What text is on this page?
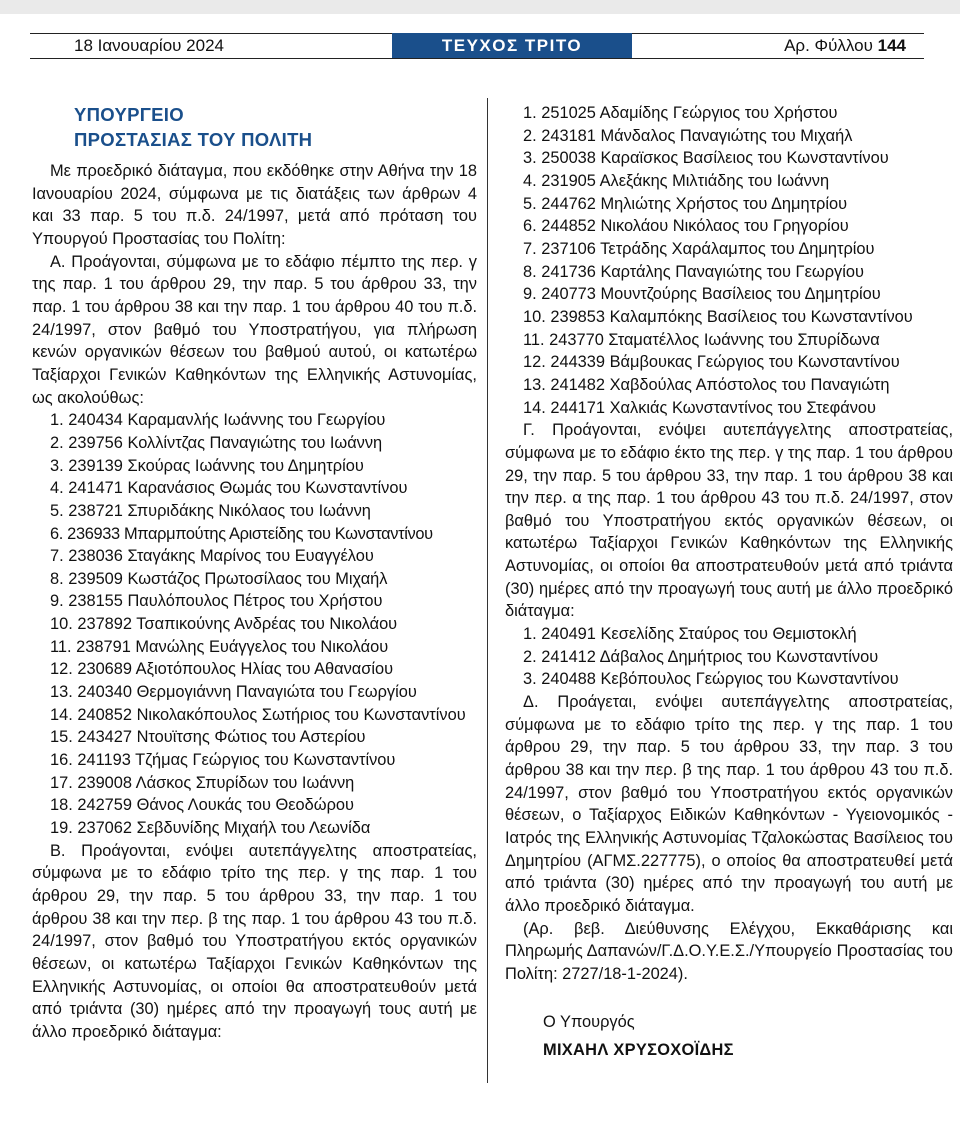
18 Ιανουαρίου 2024	ΤΕΥΧΟΣ ΤΡΙΤΟ	Αρ. Φύλλου 144
ΥΠΟΥΡΓΕΙΟ
ΠΡΟΣΤΑΣΙΑΣ ΤΟΥ ΠΟΛΙΤΗ

Με προεδρικό διάταγμα, που εκδόθηκε στην Αθήνα την 18 Ιανουαρίου 2024, σύμφωνα με τις διατάξεις των άρθρων 4 και 33 παρ. 5 του π.δ. 24/1997, μετά από πρόταση του Υπουργού Προστασίας του Πολίτη:

Α. Προάγονται, σύμφωνα με το εδάφιο πέμπτο της περ. γ της παρ. 1 του άρθρου 29, την παρ. 5 του άρθρου 33, την παρ. 1 του άρθρου 38 και την παρ. 1 του άρθρου 40 του π.δ. 24/1997, στον βαθμό του Υποστρατήγου, για πλήρωση κενών οργανικών θέσεων του βαθμού αυτού, οι κατωτέρω Ταξίαρχοι Γενικών Καθηκόντων της Ελληνικής Αστυνομίας, ως ακολούθως:

1. 240434 Καραμανλής Ιωάννης του Γεωργίου
2. 239756 Κολλίντζας Παναγιώτης του Ιωάννη
3. 239139 Σκούρας Ιωάννης του Δημητρίου
4. 241471 Καρανάσιος Θωμάς του Κωνσταντίνου
5. 238721 Σπυριδάκης Νικόλαος του Ιωάννη
6. 236933 Μπαρμπούτης Αριστείδης του Κωνσταντίνου
7. 238036 Σταγάκης Μαρίνος του Ευαγγέλου
8. 239509 Κωστάζος Πρωτοσίλαος του Μιχαήλ
9. 238155 Παυλόπουλος Πέτρος του Χρήστου
10. 237892 Τσαπικούνης Ανδρέας του Νικολάου
11. 238791 Μανώλης Ευάγγελος του Νικολάου
12. 230689 Αξιοτόπουλος Ηλίας του Αθανασίου
13. 240340 Θερμογιάννη Παναγιώτα του Γεωργίου
14. 240852 Νικολακόπουλος Σωτήριος του Κωνσταντίνου
15. 243427 Ντουϊτσης Φώτιος του Αστερίου
16. 241193 Τζήμας Γεώργιος του Κωνσταντίνου
17. 239008 Λάσκος Σπυρίδων του Ιωάννη
18. 242759 Θάνος Λουκάς του Θεοδώρου
19. 237062 Σεβδυνίδης Μιχαήλ του Λεωνίδα

Β. Προάγονται, ενόψει αυτεπάγγελτης αποστρατείας, σύμφωνα με το εδάφιο τρίτο της περ. γ της παρ. 1 του άρθρου 29, την παρ. 5 του άρθρου 33, την παρ. 1 του άρθρου 38 και την περ. β της παρ. 1 του άρθρου 43 του π.δ. 24/1997, στον βαθμό του Υποστρατήγου εκτός οργανικών θέσεων, οι κατωτέρω Ταξίαρχοι Γενικών Καθηκόντων της Ελληνικής Αστυνομίας, οι οποίοι θα αποστρατευθούν μετά από τριάντα (30) ημέρες από την προαγωγή τους αυτή με άλλο προεδρικό διάταγμα:

1. 251025 Αδαμίδης Γεώργιος του Χρήστου
2. 243181 Μάνδαλος Παναγιώτης του Μιχαήλ
3. 250038 Καραϊσκος Βασίλειος του Κωνσταντίνου
4. 231905 Αλεξάκης Μιλτιάδης του Ιωάννη
5. 244762 Μηλιώτης Χρήστος του Δημητρίου
6. 244852 Νικολάου Νικόλαος του Γρηγορίου
7. 237106 Τετράδης Χαράλαμπος του Δημητρίου
8. 241736 Καρτάλης Παναγιώτης του Γεωργίου
9. 240773 Μουντζούρης Βασίλειος του Δημητρίου
10. 239853 Καλαμπόκης Βασίλειος του Κωνσταντίνου
11. 243770 Σταματέλλος Ιωάννης του Σπυρίδωνα
12. 244339 Βάμβουκας Γεώργιος του Κωνσταντίνου
13. 241482 Χαβδούλας Απόστολος του Παναγιώτη
14. 244171 Χαλκιάς Κωνσταντίνος του Στεφάνου

Γ. Προάγονται, ενόψει αυτεπάγγελτης αποστρατείας, σύμφωνα με το εδάφιο έκτο της περ. γ της παρ. 1 του άρθρου 29, την παρ. 5 του άρθρου 33, την παρ. 1 του άρθρου 38 και την περ. α της παρ. 1 του άρθρου 43 του π.δ. 24/1997, στον βαθμό του Υποστρατήγου εκτός οργανικών θέσεων, οι κατωτέρω Ταξίαρχοι Γενικών Καθηκόντων της Ελληνικής Αστυνομίας, οι οποίοι θα αποστρατευθούν μετά από τριάντα (30) ημέρες από την προαγωγή τους αυτή με άλλο προεδρικό διάταγμα:

1. 240491 Κεσελίδης Σταύρος του Θεμιστοκλή
2. 241412 Δάβαλος Δημήτριος του Κωνσταντίνου
3. 240488 Κεβόπουλος Γεώργιος του Κωνσταντίνου

Δ. Προάγεται, ενόψει αυτεπάγγελτης αποστρατείας, σύμφωνα με το εδάφιο τρίτο της περ. γ της παρ. 1 του άρθρου 29, την παρ. 5 του άρθρου 33, την παρ. 3 του άρθρου 38 και την περ. β της παρ. 1 του άρθρου 43 του π.δ. 24/1997, στον βαθμό του Υποστρατήγου εκτός οργανικών θέσεων, ο Ταξίαρχος Ειδικών Καθηκόντων - Υγειονομικός - Ιατρός της Ελληνικής Αστυνομίας Τζαλοκώστας Βασίλειος του Δημητρίου (ΑΓΜΣ.227775), ο οποίος θα αποστρατευθεί μετά από τριάντα (30) ημέρες από την προαγωγή του αυτή με άλλο προεδρικό διάταγμα.

(Αρ. βεβ. Διεύθυνσης Ελέγχου, Εκκαθάρισης και Πληρωμής Δαπανών/Γ.Δ.Ο.Υ.Ε.Σ./Υπουργείο Προστασίας του Πολίτη: 2727/18-1-2024).

Ο Υπουργός
ΜΙΧΑΗΛ ΧΡΥΣΟΧΟΪΔΗΣ
